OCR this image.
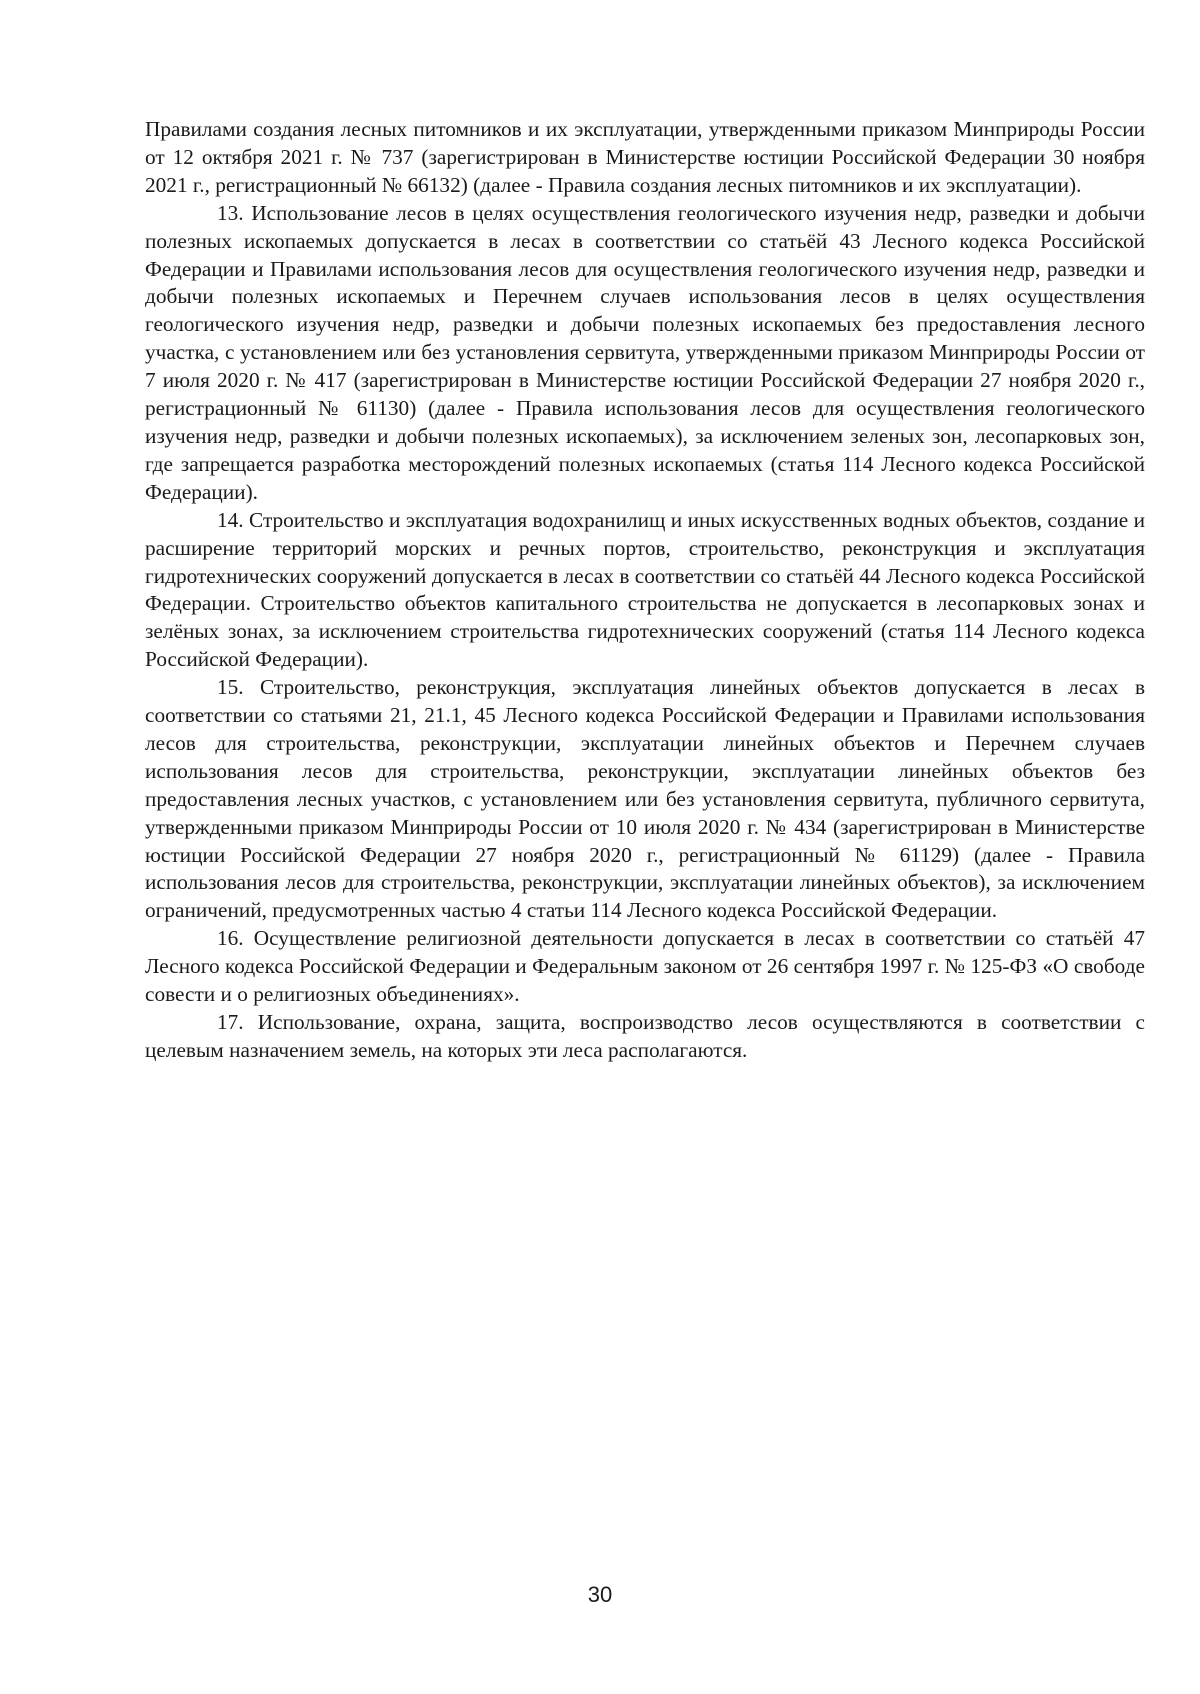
Правилами создания лесных питомников и их эксплуатации, утвержденными приказом Минприроды России от 12 октября 2021 г. № 737 (зарегистрирован в Министерстве юстиции Российской Федерации 30 ноября 2021 г., регистрационный № 66132) (далее - Правила создания лесных питомников и их эксплуатации).

13. Использование лесов в целях осуществления геологического изучения недр, разведки и добычи полезных ископаемых допускается в лесах в соответствии со статьёй 43 Лесного кодекса Российской Федерации и Правилами использования лесов для осуществления геологического изучения недр, разведки и добычи полезных ископаемых и Перечнем случаев использования лесов в целях осуществления геологического изучения недр, разведки и добычи полезных ископаемых без предоставления лесного участка, с установлением или без установления сервитута, утвержденными приказом Минприроды России от 7 июля 2020 г. № 417 (зарегистрирован в Министерстве юстиции Российской Федерации 27 ноября 2020 г., регистрационный № 61130) (далее - Правила использования лесов для осуществления геологического изучения недр, разведки и добычи полезных ископаемых), за исключением зеленых зон, лесопарковых зон, где запрещается разработка месторождений полезных ископаемых (статья 114 Лесного кодекса Российской Федерации).

14. Строительство и эксплуатация водохранилищ и иных искусственных водных объектов, создание и расширение территорий морских и речных портов, строительство, реконструкция и эксплуатация гидротехнических сооружений допускается в лесах в соответствии со статьёй 44 Лесного кодекса Российской Федерации. Строительство объектов капитального строительства не допускается в лесопарковых зонах и зелёных зонах, за исключением строительства гидротехнических сооружений (статья 114 Лесного кодекса Российской Федерации).

15. Строительство, реконструкция, эксплуатация линейных объектов допускается в лесах в соответствии со статьями 21, 21.1, 45 Лесного кодекса Российской Федерации и Правилами использования лесов для строительства, реконструкции, эксплуатации линейных объектов и Перечнем случаев использования лесов для строительства, реконструкции, эксплуатации линейных объектов без предоставления лесных участков, с установлением или без установления сервитута, публичного сервитута, утвержденными приказом Минприроды России от 10 июля 2020 г. № 434 (зарегистрирован в Министерстве юстиции Российской Федерации 27 ноября 2020 г., регистрационный № 61129) (далее - Правила использования лесов для строительства, реконструкции, эксплуатации линейных объектов), за исключением ограничений, предусмотренных частью 4 статьи 114 Лесного кодекса Российской Федерации.

16. Осуществление религиозной деятельности допускается в лесах в соответствии со статьёй 47 Лесного кодекса Российской Федерации и Федеральным законом от 26 сентября 1997 г. № 125-ФЗ «О свободе совести и о религиозных объединениях».

17. Использование, охрана, защита, воспроизводство лесов осуществляются в соответствии с целевым назначением земель, на которых эти леса располагаются.

30
